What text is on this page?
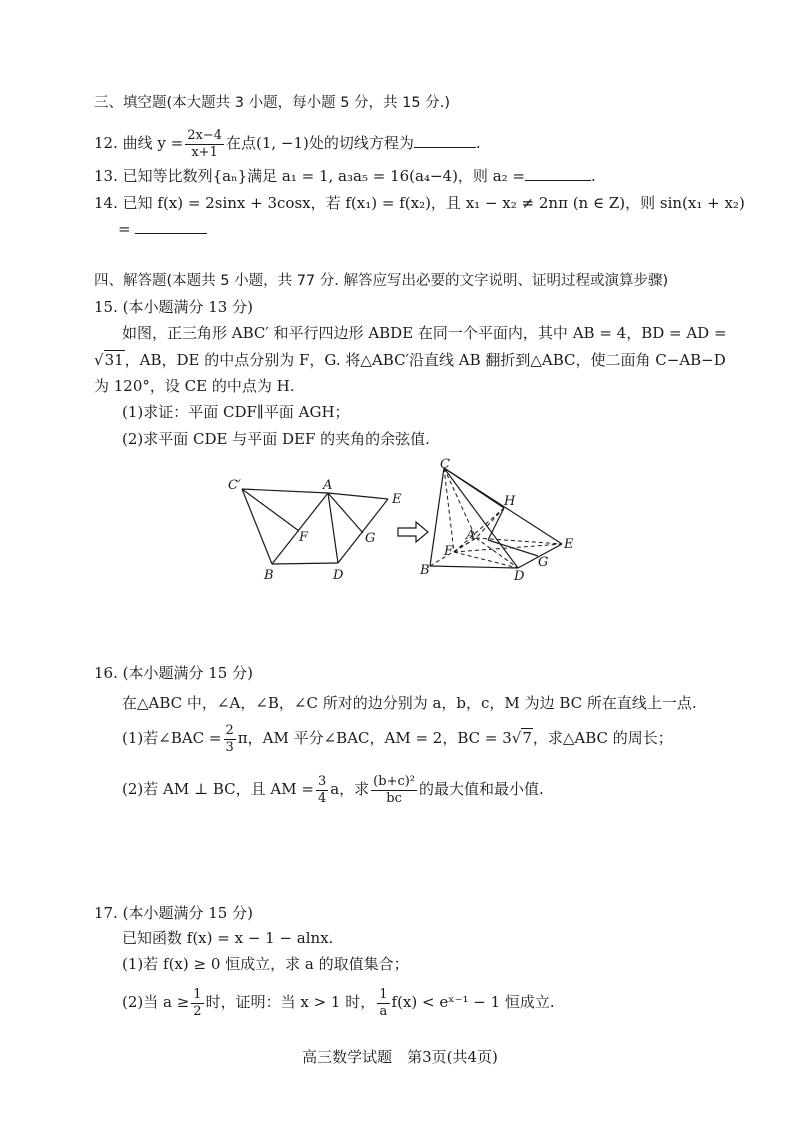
三、填空题(本大题共 3 小题，每小题 5 分，共 15 分.)
12. 曲线 $y = \frac{2x-4}{x+1}$ 在点(1, −1)处的切线方程为	.
13. 已知等比数列{aₙ}满足 a₁ = 1, a₃a₅ = 16(a₄−4)，则 a₂ =	.
14. 已知 f(x) = 2sinx + 3cosx，若 f(x₁) = f(x₂)，且 x₁ − x₂ ≠ 2nπ (n ∈ Z)，则 sin(x₁ + x₂)
=
四、解答题(本题共 5 小题，共 77 分. 解答应写出必要的文字说明、证明过程或演算步骤)
15. (本小题满分 13 分)
如图，正三角形 ABC′ 和平行四边形 ABDE 在同一个平面内，其中 AB = 4，BD = AD =
√31，AB，DE 的中点分别为 F，G. 将△ABC′沿直线 AB 翻折到△ABC，使二面角 C−AB−D
为 120°，设 CE 的中点为 H.
(1)求证：平面 CDF∥平面 AGH；
(2)求平面 CDE 与平面 DEF 的夹角的余弦值.
C′	A
E
F	G
B	D
C
H
A
F	E
G
B	D
16. (本小题满分 15 分)
在△ABC 中，∠A，∠B，∠C 所对的边分别为 a，b，c，M 为边 BC 所在直线上一点.
(1)若∠BAC = $\frac{2}{3}$ π，AM 平分∠BAC，AM = 2，BC = 3√7，求△ABC 的周长；
(2)若 AM ⊥ BC，且 AM = $\frac{3}{4}$ a，求 $\frac{\text{(b+c)²}}{bc}$ 的最大值和最小值.
17. (本小题满分 15 分)
已知函数 f(x) = x − 1 − alnx.
(1)若 f(x) ≥ 0 恒成立，求 a 的取值集合；
(2)当 $a \ge \frac{1}{2}$ 时，证明：当 x > 1 时， $\frac{1}{a} f(x)$ < eˣ⁻¹ − 1 恒成立.
高三数学试题　第3页(共4页)
